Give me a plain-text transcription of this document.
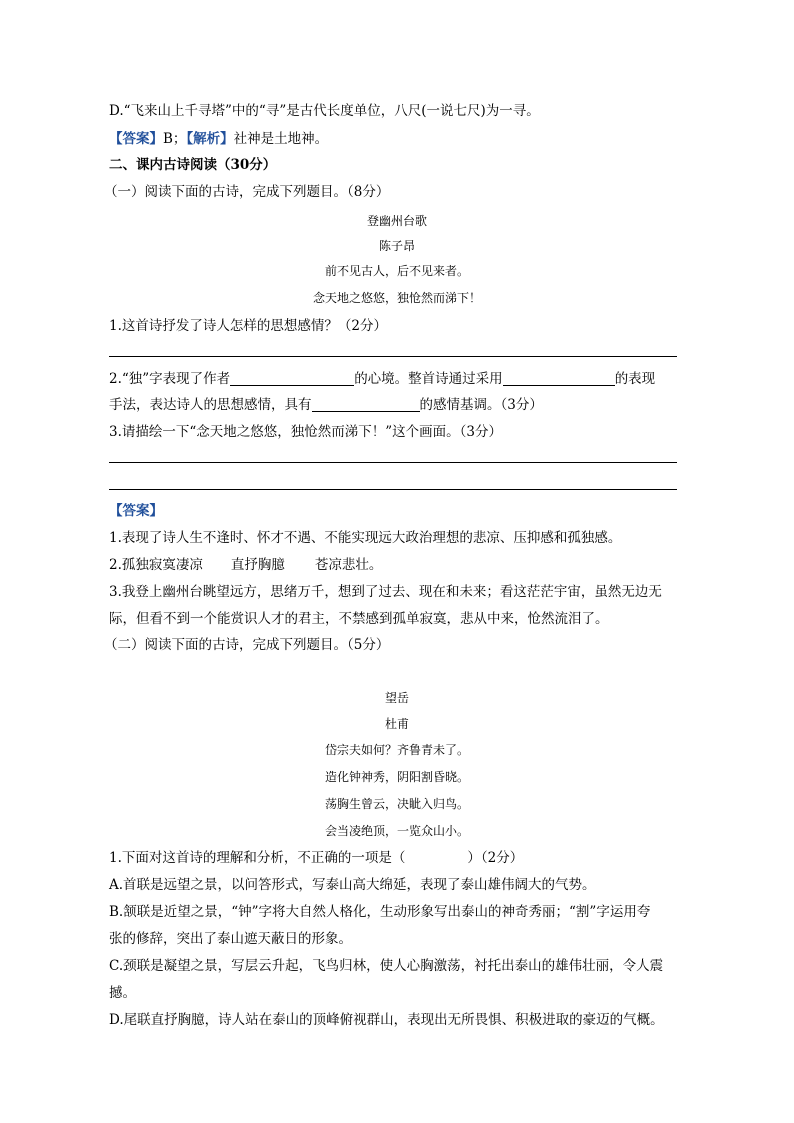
D.“飞来山上千寻塔”中的“寻”是古代长度单位，八尺(一说七尺)为一寻。
【答案】B；【解析】社神是土地神。
二、课内古诗阅读（30分）
（一）阅读下面的古诗，完成下列题目。（8分）
登幽州台歌
陈子昂
前不见古人，后不见来者。
念天地之悠悠，独怆然而涕下！
1.这首诗抒发了诗人怎样的思想感情？（2分）
2.“独”字表现了作者	的心境。整首诗通过采用	的表现
手法，表达诗人的思想感情，具有	的感情基调。（3分）
3.请描绘一下“念天地之悠悠，独怆然而涕下！”这个画面。（3分）
【答案】
1.表现了诗人生不逢时、怀才不遇、不能实现远大政治理想的悲凉、压抑感和孤独感。
2.孤独寂寞凄凉 直抒胸臆 苍凉悲壮。
3.我登上幽州台眺望远方，思绪万千，想到了过去、现在和未来；看这茫茫宇宙，虽然无边无
际，但看不到一个能赏识人才的君主，不禁感到孤单寂寞，悲从中来，怆然流泪了。
（二）阅读下面的古诗，完成下列题目。（5分）
望岳
杜甫
岱宗夫如何？齐鲁青未了。
造化钟神秀，阴阳割昏晓。
荡胸生曾云，决眦入归鸟。
会当凌绝顶，一览众山小。
1.下面对这首诗的理解和分析，不正确的一项是（	）（2分）
A.首联是远望之景，以问答形式，写泰山高大绵延，表现了泰山雄伟阔大的气势。
B.颔联是近望之景，“钟”字将大自然人格化，生动形象写出泰山的神奇秀丽；“割”字运用夸
张的修辞，突出了泰山遮天蔽日的形象。
C.颈联是凝望之景，写层云升起，飞鸟归林，使人心胸激荡，衬托出泰山的雄伟壮丽，令人震
撼。
D.尾联直抒胸臆，诗人站在泰山的顶峰俯视群山，表现出无所畏惧、积极进取的豪迈的气概。
